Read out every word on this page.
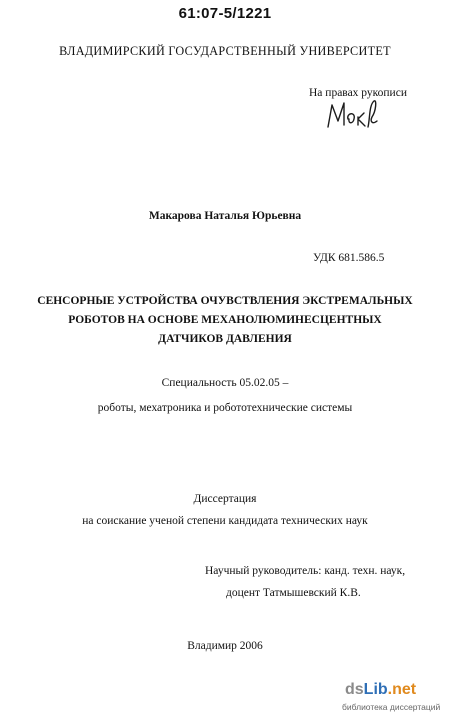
61:07-5/1221
ВЛАДИМИРСКИЙ ГОСУДАРСТВЕННЫЙ УНИВЕРСИТЕТ
На правах рукописи
Макарова Наталья Юрьевна
УДК 681.586.5
СЕНСОРНЫЕ УСТРОЙСТВА ОЧУВСТВЛЕНИЯ ЭКСТРЕМАЛЬНЫХ
РОБОТОВ НА ОСНОВЕ МЕХАНОЛЮМИНЕСЦЕНТНЫХ
ДАТЧИКОВ ДАВЛЕНИЯ
Специальность 05.02.05 –
роботы, мехатроника и робототехнические системы
Диссертация
на соискание ученой степени кандидата технических наук
Научный руководитель: канд. техн. наук,
доцент Татмышевский К.В.
Владимир 2006
dsLib.net
библиотека диссертаций
